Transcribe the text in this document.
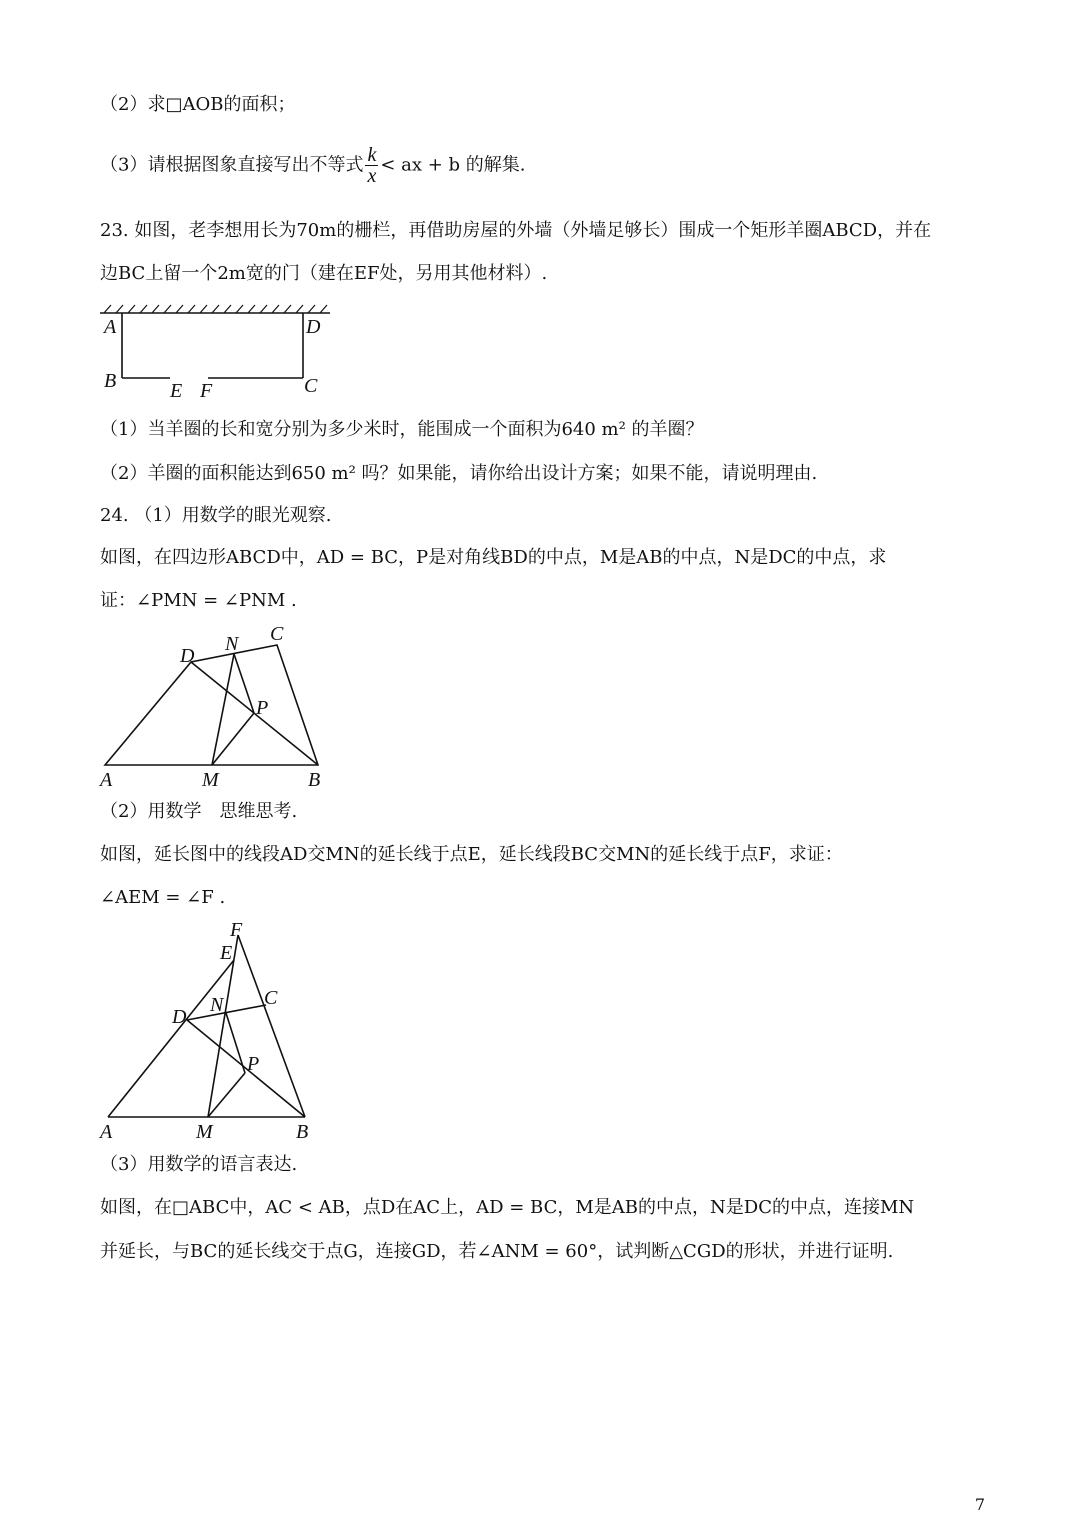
（2）求□AOB的面积；
（3）请根据图象直接写出不等式 $\frac{k}{x}$ < ax + b 的解集.
23. 如图，老李想用长为70m的栅栏，再借助房屋的外墙（外墙足够长）围成一个矩形羊圈ABCD，并在
边BC上留一个2m宽的门（建在EF处，另用其他材料）.
（1）当羊圈的长和宽分别为多少米时，能围成一个面积为640 m² 的羊圈？
（2）羊圈的面积能达到650 m² 吗？如果能，请你给出设计方案；如果不能，请说明理由.
24. （1）用数学的眼光观察.
如图，在四边形ABCD中，AD = BC，P是对角线BD的中点，M是AB的中点，N是DC的中点，求
证：∠PMN = ∠PNM .
（2）用数学　思维思考.
如图，延长图中的线段AD交MN的延长线于点E，延长线段BC交MN的延长线于点F，求证：
∠AEM = ∠F .
（3）用数学的语言表达.
如图，在□ABC中，AC < AB，点D在AC上，AD = BC，M是AB的中点，N是DC的中点，连接MN
并延长，与BC的延长线交于点G，连接GD，若∠ANM = 60°，试判断△CGD的形状，并进行证明.
7
A	D
B	E F	C
D
N C
P
A	M	B
F
E
C
N
D
P
A	M	B
